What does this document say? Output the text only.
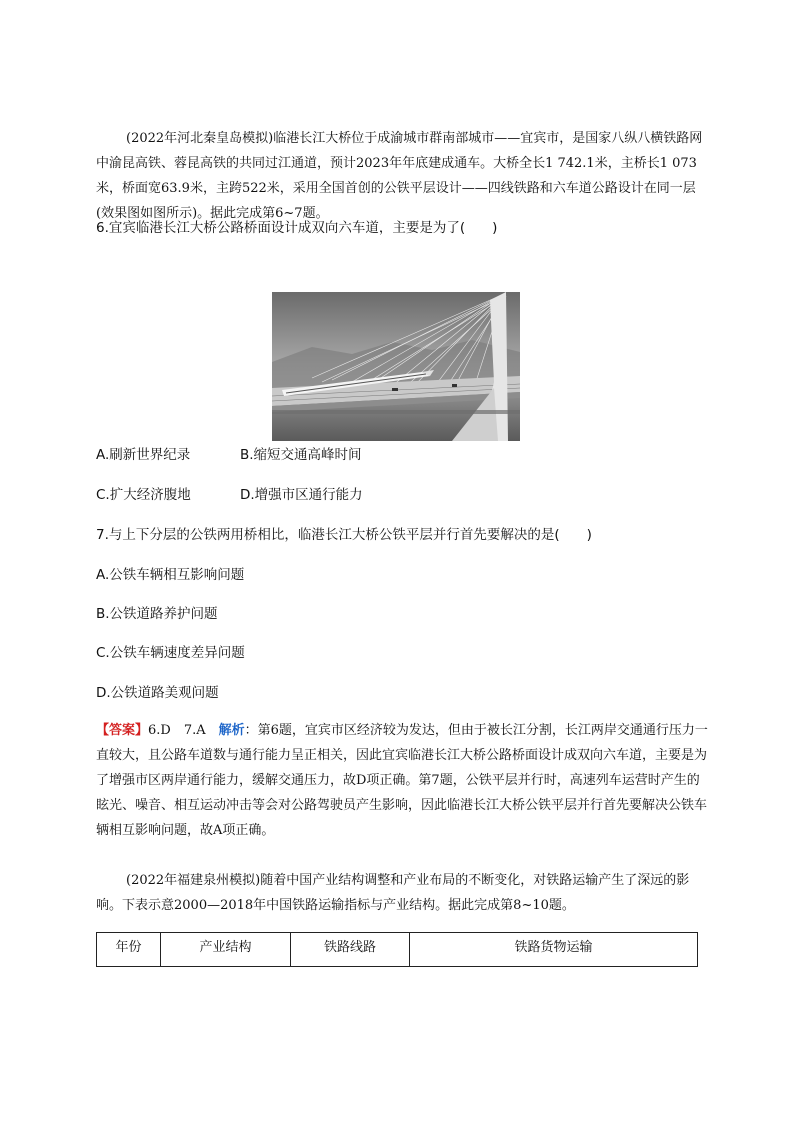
(2022年河北秦皇岛模拟)临港长江大桥位于成渝城市群南部城市——宜宾市，是国家八纵八横铁路网中渝昆高铁、蓉昆高铁的共同过江通道，预计2023年年底建成通车。大桥全长1 742.1米，主桥长1 073米，桥面宽63.9米，主跨522米，采用全国首创的公铁平层设计——四线铁路和六车道公路设计在同一层(效果图如图所示)。据此完成第6~7题。
6.宜宾临港长江大桥公路桥面设计成双向六车道，主要是为了(　　)
A.刷新世界纪录	B.缩短交通高峰时间
C.扩大经济腹地	D.增强市区通行能力
7.与上下分层的公铁两用桥相比，临港长江大桥公铁平层并行首先要解决的是(　　)
A.公铁车辆相互影响问题
B.公铁道路养护问题
C.公铁车辆速度差异问题
D.公铁道路美观问题
【答案】6.D　7.A　解析：第6题，宜宾市区经济较为发达，但由于被长江分割，长江两岸交通通行压力一直较大，且公路车道数与通行能力呈正相关，因此宜宾临港长江大桥公路桥面设计成双向六车道，主要是为了增强市区两岸通行能力，缓解交通压力，故D项正确。第7题，公铁平层并行时，高速列车运营时产生的眩光、噪音、相互运动冲击等会对公路驾驶员产生影响，因此临港长江大桥公铁平层并行首先要解决公铁车辆相互影响问题，故A项正确。
(2022年福建泉州模拟)随着中国产业结构调整和产业布局的不断变化，对铁路运输产生了深远的影响。下表示意2000—2018年中国铁路运输指标与产业结构。据此完成第8~10题。
年份	产业结构	铁路线路	铁路货物运输
